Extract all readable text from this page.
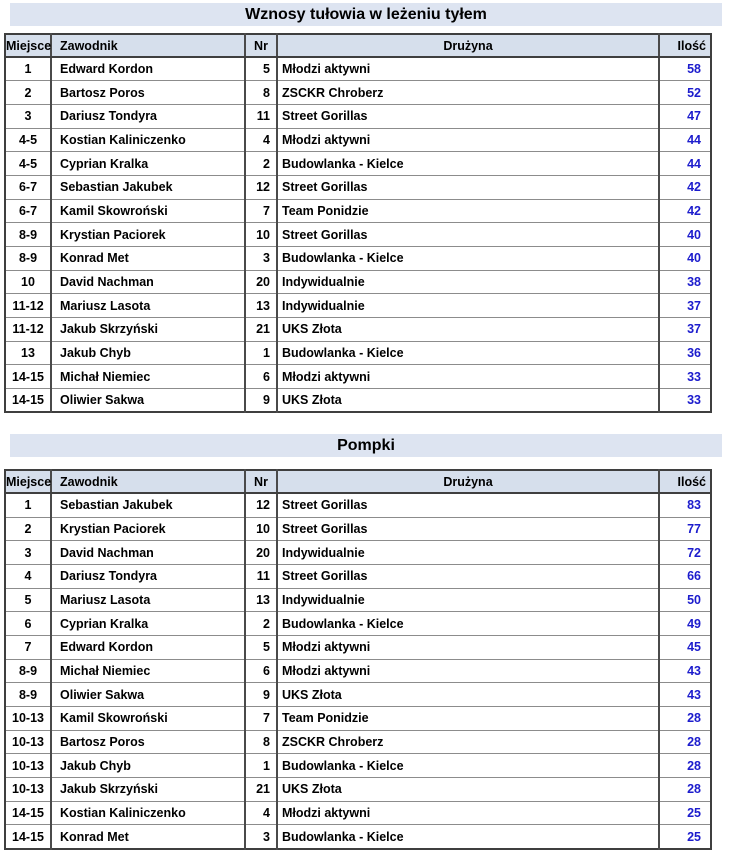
Wznosy tułowia w leżeniu tyłem
Miejsce	Zawodnik	Nr	Drużyna	Ilość
1	Edward Kordon	5	Młodzi aktywni	58
2	Bartosz Poros	8	ZSCKR Chroberz	52
3	Dariusz Tondyra	11	Street Gorillas	47
4-5	Kostian Kaliniczenko	4	Młodzi aktywni	44
4-5	Cyprian Kralka	2	Budowlanka - Kielce	44
6-7	Sebastian Jakubek	12	Street Gorillas	42
6-7	Kamil Skowroński	7	Team Ponidzie	42
8-9	Krystian Paciorek	10	Street Gorillas	40
8-9	Konrad Met	3	Budowlanka - Kielce	40
10	David Nachman	20	Indywidualnie	38
11-12	Mariusz Lasota	13	Indywidualnie	37
11-12	Jakub Skrzyński	21	UKS Złota	37
13	Jakub Chyb	1	Budowlanka - Kielce	36
14-15	Michał Niemiec	6	Młodzi aktywni	33
14-15	Oliwier Sakwa	9	UKS Złota	33
Pompki
Miejsce	Zawodnik	Nr	Drużyna	Ilość
1	Sebastian Jakubek	12	Street Gorillas	83
2	Krystian Paciorek	10	Street Gorillas	77
3	David Nachman	20	Indywidualnie	72
4	Dariusz Tondyra	11	Street Gorillas	66
5	Mariusz Lasota	13	Indywidualnie	50
6	Cyprian Kralka	2	Budowlanka - Kielce	49
7	Edward Kordon	5	Młodzi aktywni	45
8-9	Michał Niemiec	6	Młodzi aktywni	43
8-9	Oliwier Sakwa	9	UKS Złota	43
10-13	Kamil Skowroński	7	Team Ponidzie	28
10-13	Bartosz Poros	8	ZSCKR Chroberz	28
10-13	Jakub Chyb	1	Budowlanka - Kielce	28
10-13	Jakub Skrzyński	21	UKS Złota	28
14-15	Kostian Kaliniczenko	4	Młodzi aktywni	25
14-15	Konrad Met	3	Budowlanka - Kielce	25
